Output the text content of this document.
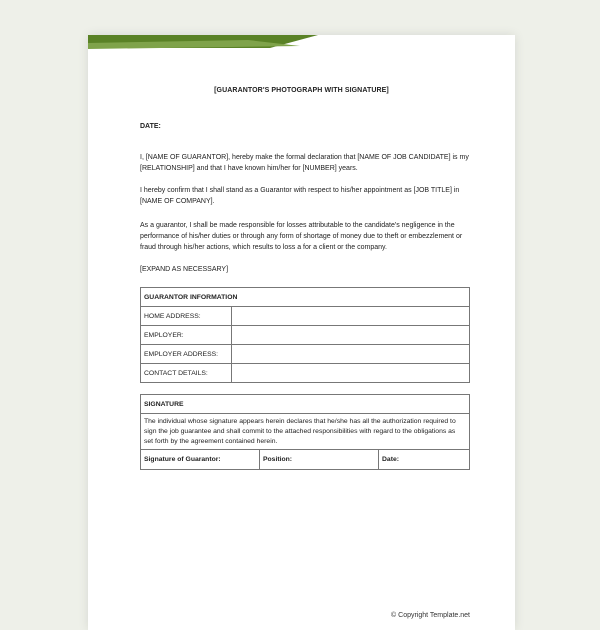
[GUARANTOR'S PHOTOGRAPH WITH SIGNATURE]
DATE:

I, [NAME OF GUARANTOR], hereby make the formal declaration that [NAME OF JOB CANDIDATE] is my [RELATIONSHIP] and that I have known him/her for [NUMBER] years.

I hereby confirm that I shall stand as a Guarantor with respect to his/her appointment as [JOB TITLE] in [NAME OF COMPANY].

As a guarantor, I shall be made responsible for losses attributable to the candidate's negligence in the performance of his/her duties or through any form of shortage of money due to theft or embezzlement or fraud through his/her actions, which results to loss a for a client or the company.

[EXPAND AS NECESSARY]

GUARANTOR INFORMATION	
HOME ADDRESS:	
EMPLOYER:	
EMPLOYER ADDRESS:	
CONTACT DETAILS:	
SIGNATURE
The individual whose signature appears herein declares that he/she has all the authorization required to sign the job guarantee and shall commit to the attached responsibilities with regard to the obligations as set forth by the agreement contained herein.
Signature of Guarantor:	Position:	Date:
© Copyright Template.net
